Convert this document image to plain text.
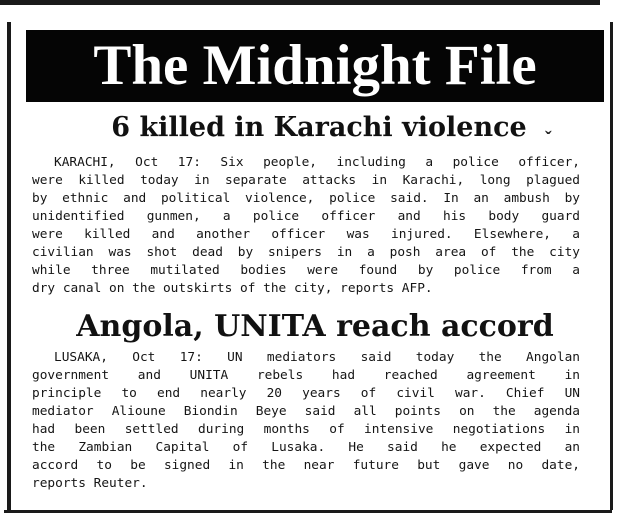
The Midnight File
6 killed in Karachi violence ˇ
KARACHI, Oct 17: Six people, including a police officer,
were killed today in separate attacks in Karachi, long plagued
by ethnic and political violence, police said. In an ambush by
unidentified gunmen, a police officer and his body guard
were killed and another officer was injured. Elsewhere, a
civilian was shot dead by snipers in a posh area of the city
while three mutilated bodies were found by police from a
dry canal on the outskirts of the city, reports AFP.
Angola, UNITA reach accord
LUSAKA, Oct 17: UN mediators said today the Angolan
government and UNITA rebels had reached agreement in
principle to end nearly 20 years of civil war. Chief UN
mediator Alioune Biondin Beye said all points on the agenda
had been settled during months of intensive negotiations in
the Zambian Capital of Lusaka. He said he expected an
accord to be signed in the near future but gave no date,
reports Reuter.
